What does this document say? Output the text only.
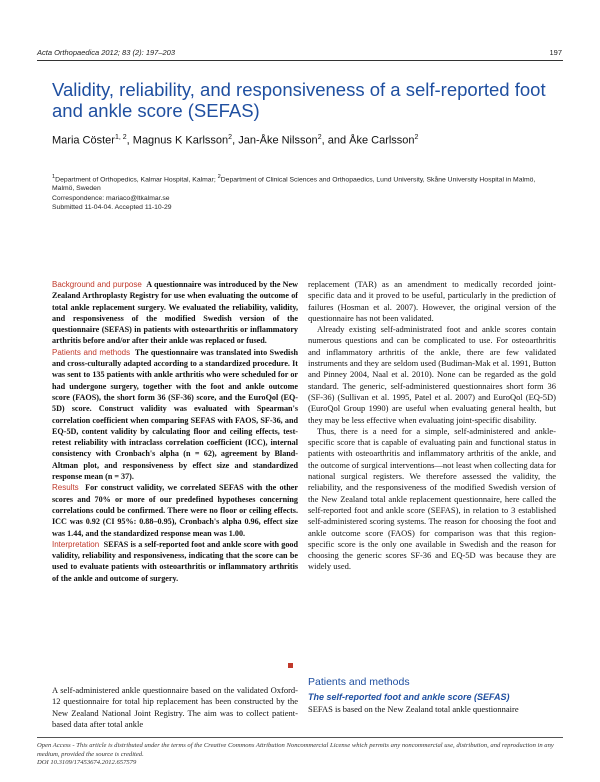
Acta Orthopaedica 2012; 83 (2): 197–203	197
Validity, reliability, and responsiveness of a self-reported foot and ankle score (SEFAS)
Maria Cöster$^{1, 2}$, Magnus K Karlsson$^2$, Jan-Åke Nilsson$^2$, and Åke Carlsson$^2$

$^1$Department of Orthopedics, Kalmar Hospital, Kalmar; $^2$Department of Clinical Sciences and Orthopaedics, Lund University, Skåne University Hospital in Malmö, Malmö, Sweden

Correspondence: mariaco@ltkalmar.se

Submitted 11-04-04. Accepted 11-10-29

Background and purpose A questionnaire was introduced by the New Zealand Arthroplasty Registry for use when evaluating the outcome of total ankle replacement surgery. We evaluated the reliability, validity, and responsiveness of the modified Swedish version of the questionnaire (SEFAS) in patients with osteoarthritis or inflammatory arthritis before and/or after their ankle was replaced or fused.

Patients and methods The questionnaire was translated into Swedish and cross-culturally adapted according to a standardized procedure. It was sent to 135 patients with ankle arthritis who were scheduled for or had undergone surgery, together with the foot and ankle outcome score (FAOS), the short form 36 (SF-36) score, and the EuroQol (EQ-5D) score. Construct validity was evaluated with Spearman's correlation coefficient when comparing SEFAS with FAOS, SF-36, and EQ-5D, content validity by calculating floor and ceiling effects, test-retest reliability with intraclass correlation coefficient (ICC), internal consistency with Cronbach's alpha (n = 62), agreement by Bland-Altman plot, and responsiveness by effect size and standardized response mean (n = 37).

Results For construct validity, we correlated SEFAS with the other scores and 70% or more of our predefined hypotheses concerning correlations could be confirmed. There were no floor or ceiling effects. ICC was 0.92 (CI 95%: 0.88–0.95), Cronbach's alpha 0.96, effect size was 1.44, and the standardized response mean was 1.00.

Interpretation SEFAS is a self-reported foot and ankle score with good validity, reliability and responsiveness, indicating that the score can be used to evaluate patients with osteoarthritis or inflammatory arthritis of the ankle and outcome of surgery.

replacement (TAR) as an amendment to medically recorded joint-specific data and it proved to be useful, particularly in the prediction of failures (Hosman et al. 2007). However, the original version of the questionnaire has not been validated.

Already existing self-administrated foot and ankle scores contain numerous questions and can be complicated to use. For osteoarthritis and inflammatory arthritis of the ankle, there are few validated instruments and they are seldom used (Budiman-Mak et al. 1991, Button and Pinney 2004, Naal et al. 2010). None can be regarded as the gold standard. The generic, self-administered questionnaires short form 36 (SF-36) (Sullivan et al. 1995, Patel et al. 2007) and EuroQol (EQ-5D) (EuroQol Group 1990) are useful when evaluating general health, but they may be less effective when evaluating joint-specific disability.

Thus, there is a need for a simple, self-administered and ankle-specific score that is capable of evaluating pain and functional status in patients with osteoarthritis and inflammatory arthritis of the ankle, and the outcome of surgical interventions—not least when collecting data for national surgical registers. We therefore assessed the validity, the reliability, and the responsiveness of the modified Swedish version of the New Zealand total ankle replacement questionnaire, here called the self-reported foot and ankle score (SEFAS), in relation to 3 established self-administered scoring systems. The reason for choosing the foot and ankle outcome score (FAOS) for comparison was that this region-specific score is the only one available in Swedish and the reason for choosing the generic scores SF-36 and EQ-5D was because they are widely used.

A self-administered ankle questionnaire based on the validated Oxford-12 questionnaire for total hip replacement has been constructed by the New Zealand National Joint Registry. The aim was to collect patient-based data after total ankle

Patients and methods
The self-reported foot and ankle score (SEFAS)

SEFAS is based on the New Zealand total ankle questionnaire

Open Access - This article is distributed under the terms of the Creative Commons Attribution Noncommercial License which permits any noncommercial use, distribution, and reproduction in any medium, provided the source is credited.

DOI 10.3109/17453674.2012.657579
